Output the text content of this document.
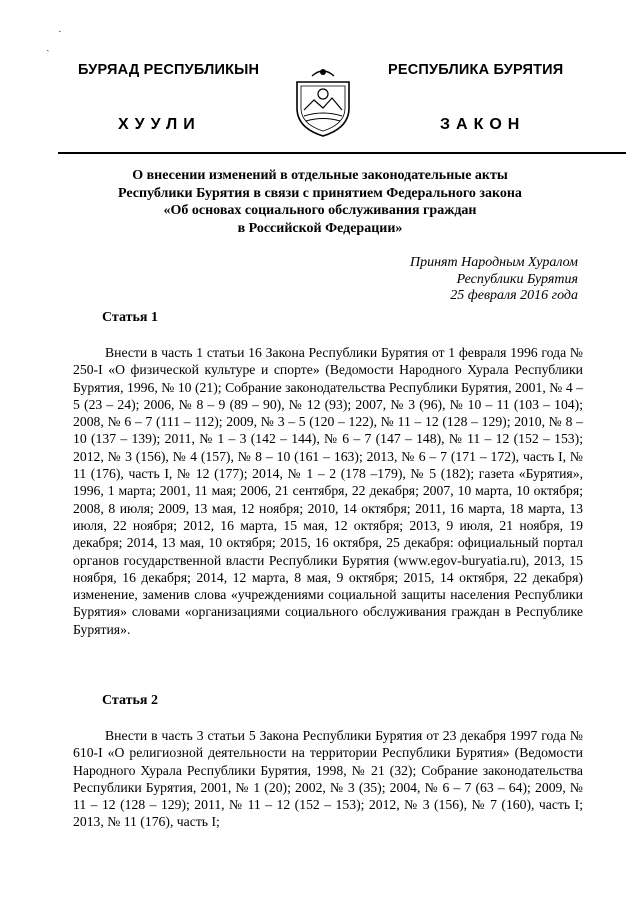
ˏ
·
БУРЯАД РЕСПУБЛИКЫН	РЕСПУБЛИКА БУРЯТИЯ
ХУУЛИ	ЗАКОН
О внесении изменений в отдельные законодательные акты
Республики Бурятия в связи с принятием Федерального закона
«Об основах социального обслуживания граждан
в Российской Федерации»
Принят Народным Хуралом
Республики Бурятия
25 февраля 2016 года
Статья 1
Внести в часть 1 статьи 16 Закона Республики Бурятия от 1 февраля 1996 года № 250-I «О физической культуре и спорте» (Ведомости Народного Хурала Республики Бурятия, 1996, № 10 (21); Собрание законодательства Республики Бурятия, 2001, № 4 – 5 (23 – 24); 2006, № 8 – 9 (89 – 90), № 12 (93); 2007, № 3 (96), № 10 – 11 (103 – 104); 2008, № 6 – 7 (111 – 112); 2009, № 3 – 5 (120 – 122), № 11 – 12 (128 – 129); 2010, № 8 – 10 (137 – 139); 2011, № 1 – 3 (142 – 144), № 6 – 7 (147 – 148), № 11 – 12 (152 – 153); 2012, № 3 (156), № 4 (157), № 8 – 10 (161 – 163); 2013, № 6 – 7 (171 – 172), часть I, № 11 (176), часть I, № 12 (177); 2014, № 1 – 2 (178 –179), № 5 (182); газета «Бурятия», 1996, 1 марта; 2001, 11 мая; 2006, 21 сентября, 22 декабря; 2007, 10 марта, 10 октября; 2008, 8 июля; 2009, 13 мая, 12 ноября; 2010, 14 октября; 2011, 16 марта, 18 марта, 13 июля, 22 ноября; 2012, 16 марта, 15 мая, 12 октября; 2013, 9 июля, 21 ноября, 19 декабря; 2014, 13 мая, 10 октября; 2015, 16 октября, 25 декабря: официальный портал органов государственной власти Республики Бурятия (www.egov-buryatia.ru), 2013, 15 ноября, 16 декабря; 2014, 12 марта, 8 мая, 9 октября; 2015, 14 октября, 22 декабря) изменение, заменив слова «учреждениями социальной защиты населения Республики Бурятия» словами «организациями социального обслуживания граждан в Республике Бурятия».
Статья 2
Внести в часть 3 статьи 5 Закона Республики Бурятия от 23 декабря 1997 года № 610-I «О религиозной деятельности на территории Республики Бурятия» (Ведомости Народного Хурала Республики Бурятия, 1998, № 21 (32); Собрание законодательства Республики Бурятия, 2001, № 1 (20); 2002, № 3 (35); 2004, № 6 – 7 (63 – 64); 2009, № 11 – 12 (128 – 129); 2011, № 11 – 12 (152 – 153); 2012, № 3 (156), № 7 (160), часть I; 2013, № 11 (176), часть I;
